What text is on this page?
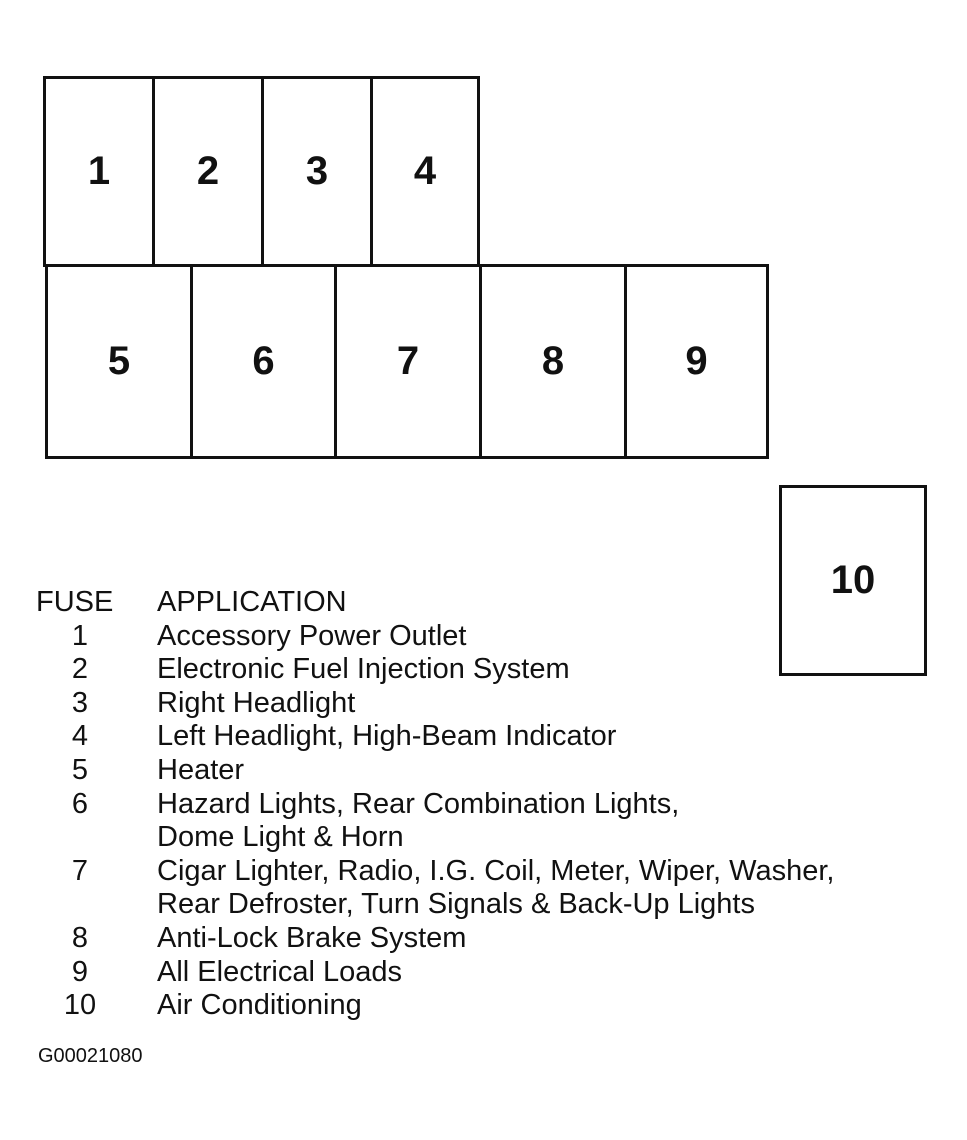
1	2	3	4
5	6	7	8	9
10
FUSE	APPLICATION
1	Accessory Power Outlet
2	Electronic Fuel Injection System
3	Right Headlight
4	Left Headlight, High-Beam Indicator
5	Heater
6	Hazard Lights, Rear Combination Lights,
Dome Light & Horn
7	Cigar Lighter, Radio, I.G. Coil, Meter, Wiper, Washer,
Rear Defroster, Turn Signals & Back-Up Lights
8	Anti-Lock Brake System
9	All Electrical Loads
10	Air Conditioning
G00021080
